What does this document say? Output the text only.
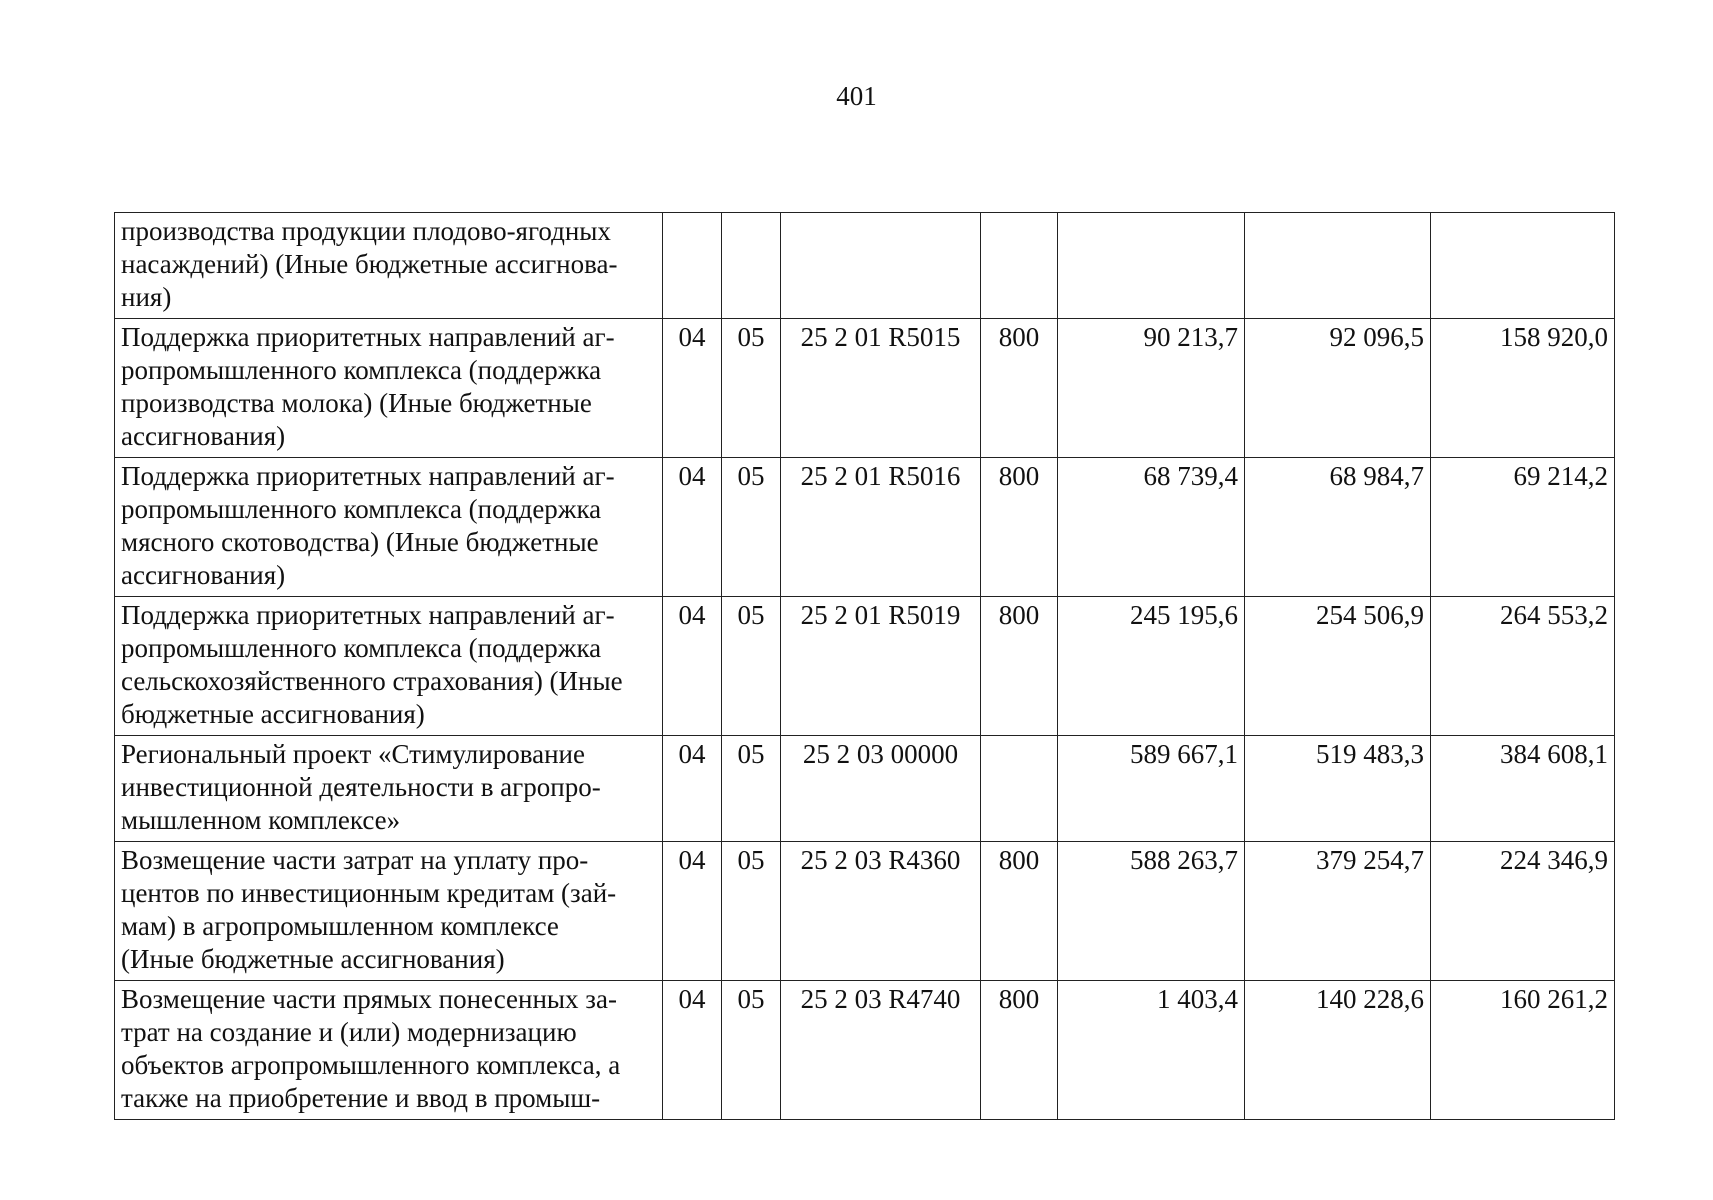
401
производства продукции плодово-ягодных
насаждений) (Иные бюджетные ассигнова-
ния)							
Поддержка приоритетных направлений аг-
ропромышленного комплекса (поддержка
производства молока) (Иные бюджетные
ассигнования)	04	05	25 2 01 R5015	800	90 213,7	92 096,5	158 920,0
Поддержка приоритетных направлений аг-
ропромышленного комплекса (поддержка
мясного скотоводства) (Иные бюджетные
ассигнования)	04	05	25 2 01 R5016	800	68 739,4	68 984,7	69 214,2
Поддержка приоритетных направлений аг-
ропромышленного комплекса (поддержка
сельскохозяйственного страхования) (Иные
бюджетные ассигнования)	04	05	25 2 01 R5019	800	245 195,6	254 506,9	264 553,2
Региональный проект «Стимулирование
инвестиционной деятельности в агропро-
мышленном комплексе»	04	05	25 2 03 00000		589 667,1	519 483,3	384 608,1
Возмещение части затрат на уплату про-
центов по инвестиционным кредитам (зай-
мам) в агропромышленном комплексе
(Иные бюджетные ассигнования)	04	05	25 2 03 R4360	800	588 263,7	379 254,7	224 346,9
Возмещение части прямых понесенных за-
трат на создание и (или) модернизацию
объектов агропромышленного комплекса, а
также на приобретение и ввод в промыш-	04	05	25 2 03 R4740	800	1 403,4	140 228,6	160 261,2
